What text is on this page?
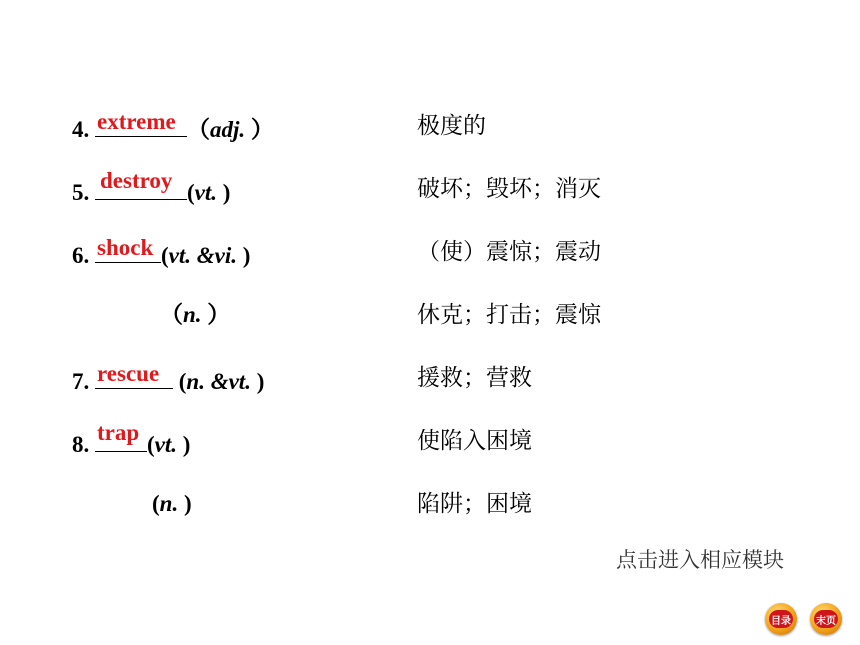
4. extreme （adj. ）	极度的
5. destroy (vt. )	破坏；毁坏；消灭
6. shock (vt. &vi. )	（使）震惊；震动
（n. ）	休克；打击；震惊
7. rescue (n. &vt. )	援救；营救
8. trap (vt. )	使陷入困境
(n. )	陷阱；困境
点击进入相应模块
目录	末页
